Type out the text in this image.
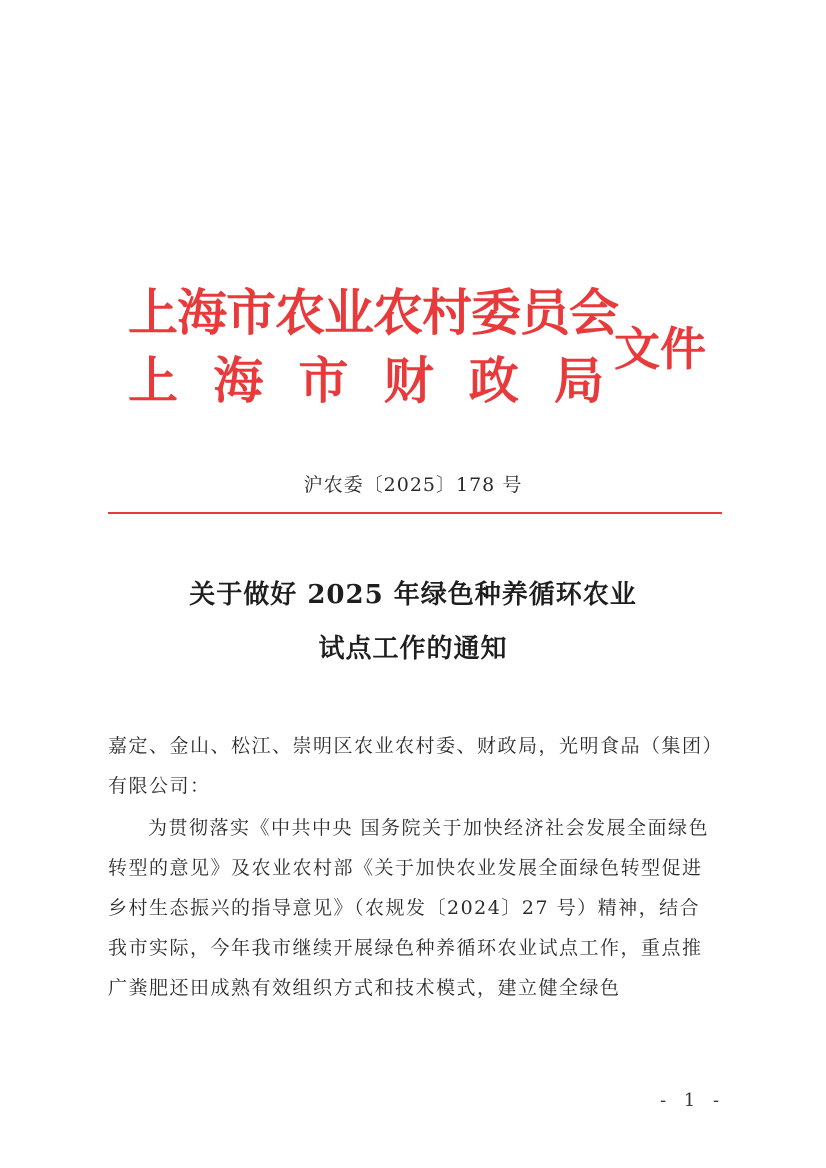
上海市农业农村委员会
上 海 市 财 政 局
文件
沪农委〔2025〕178 号
关于做好 2025 年绿色种养循环农业
试点工作的通知
嘉定、金山、松江、崇明区农业农村委、财政局，光明食品（集团）有限公司：
为贯彻落实《中共中央 国务院关于加快经济社会发展全面绿色转型的意见》及农业农村部《关于加快农业发展全面绿色转型促进乡村生态振兴的指导意见》（农规发〔2024〕27 号）精神，结合我市实际，今年我市继续开展绿色种养循环农业试点工作，重点推广粪肥还田成熟有效组织方式和技术模式，建立健全绿色
- 1 -
